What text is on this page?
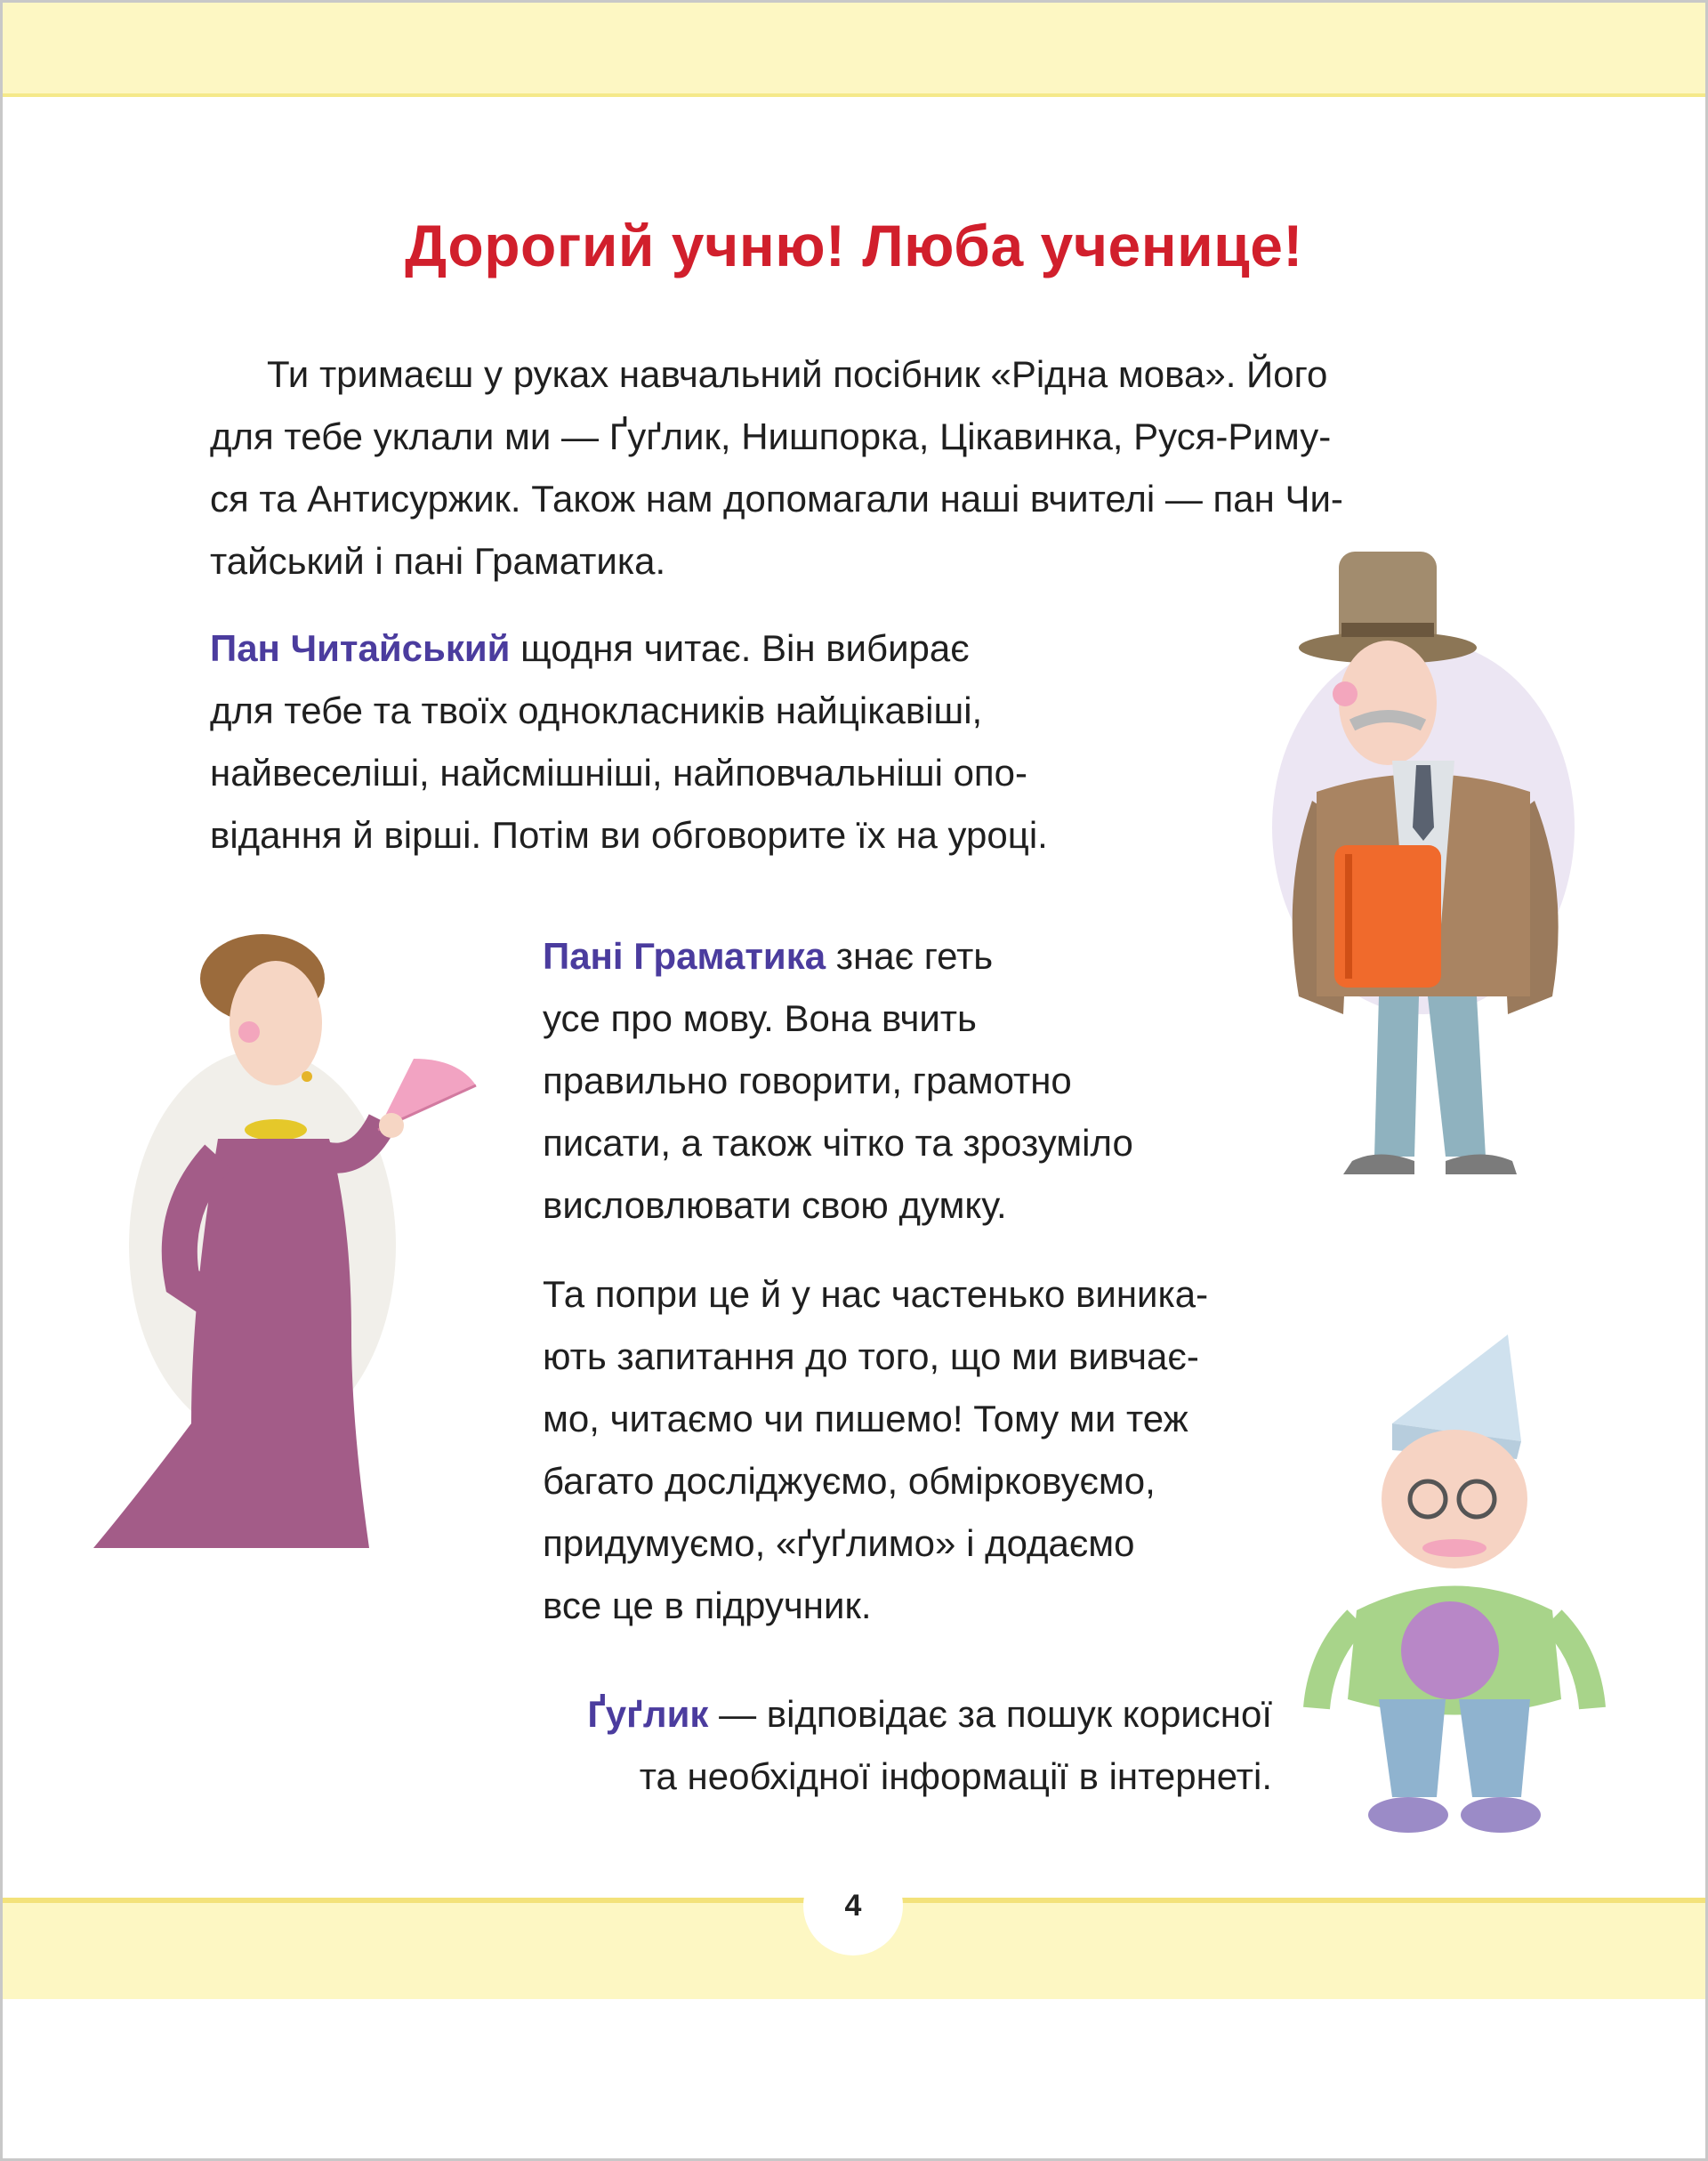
Дорогий учню! Люба ученице!
Ти тримаєш у руках навчальний посібник «Рідна мова». Його
для тебе уклали ми — Ґуґлик, Нишпорка, Цікавинка, Руся-Риму-
ся та Антисуржик. Також нам допомагали наші вчителі — пан Чи-
тайський і пані Граматика.
Пан Читайський щодня читає. Він вибирає
для тебе та твоїх однокласників найцікавіші,
найвеселіші, найсмішніші, найповчальніші опо-
відання й вірші. Потім ви обговорите їх на уроці.
Пані Граматика знає геть
усе про мову. Вона вчить
правильно говорити, грамотно
писати, а також чітко та зрозуміло
висловлювати свою думку.
Та попри це й у нас частенько виника-
ють запитання до того, що ми вивчає-
мо, читаємо чи пишемо! Тому ми теж
багато досліджуємо, обмірковуємо,
придумуємо, «ґуґлимо» і додаємо
все це в підручник.
Ґуґлик — відповідає за пошук корисної
та необхідної інформації в інтернеті.
4
